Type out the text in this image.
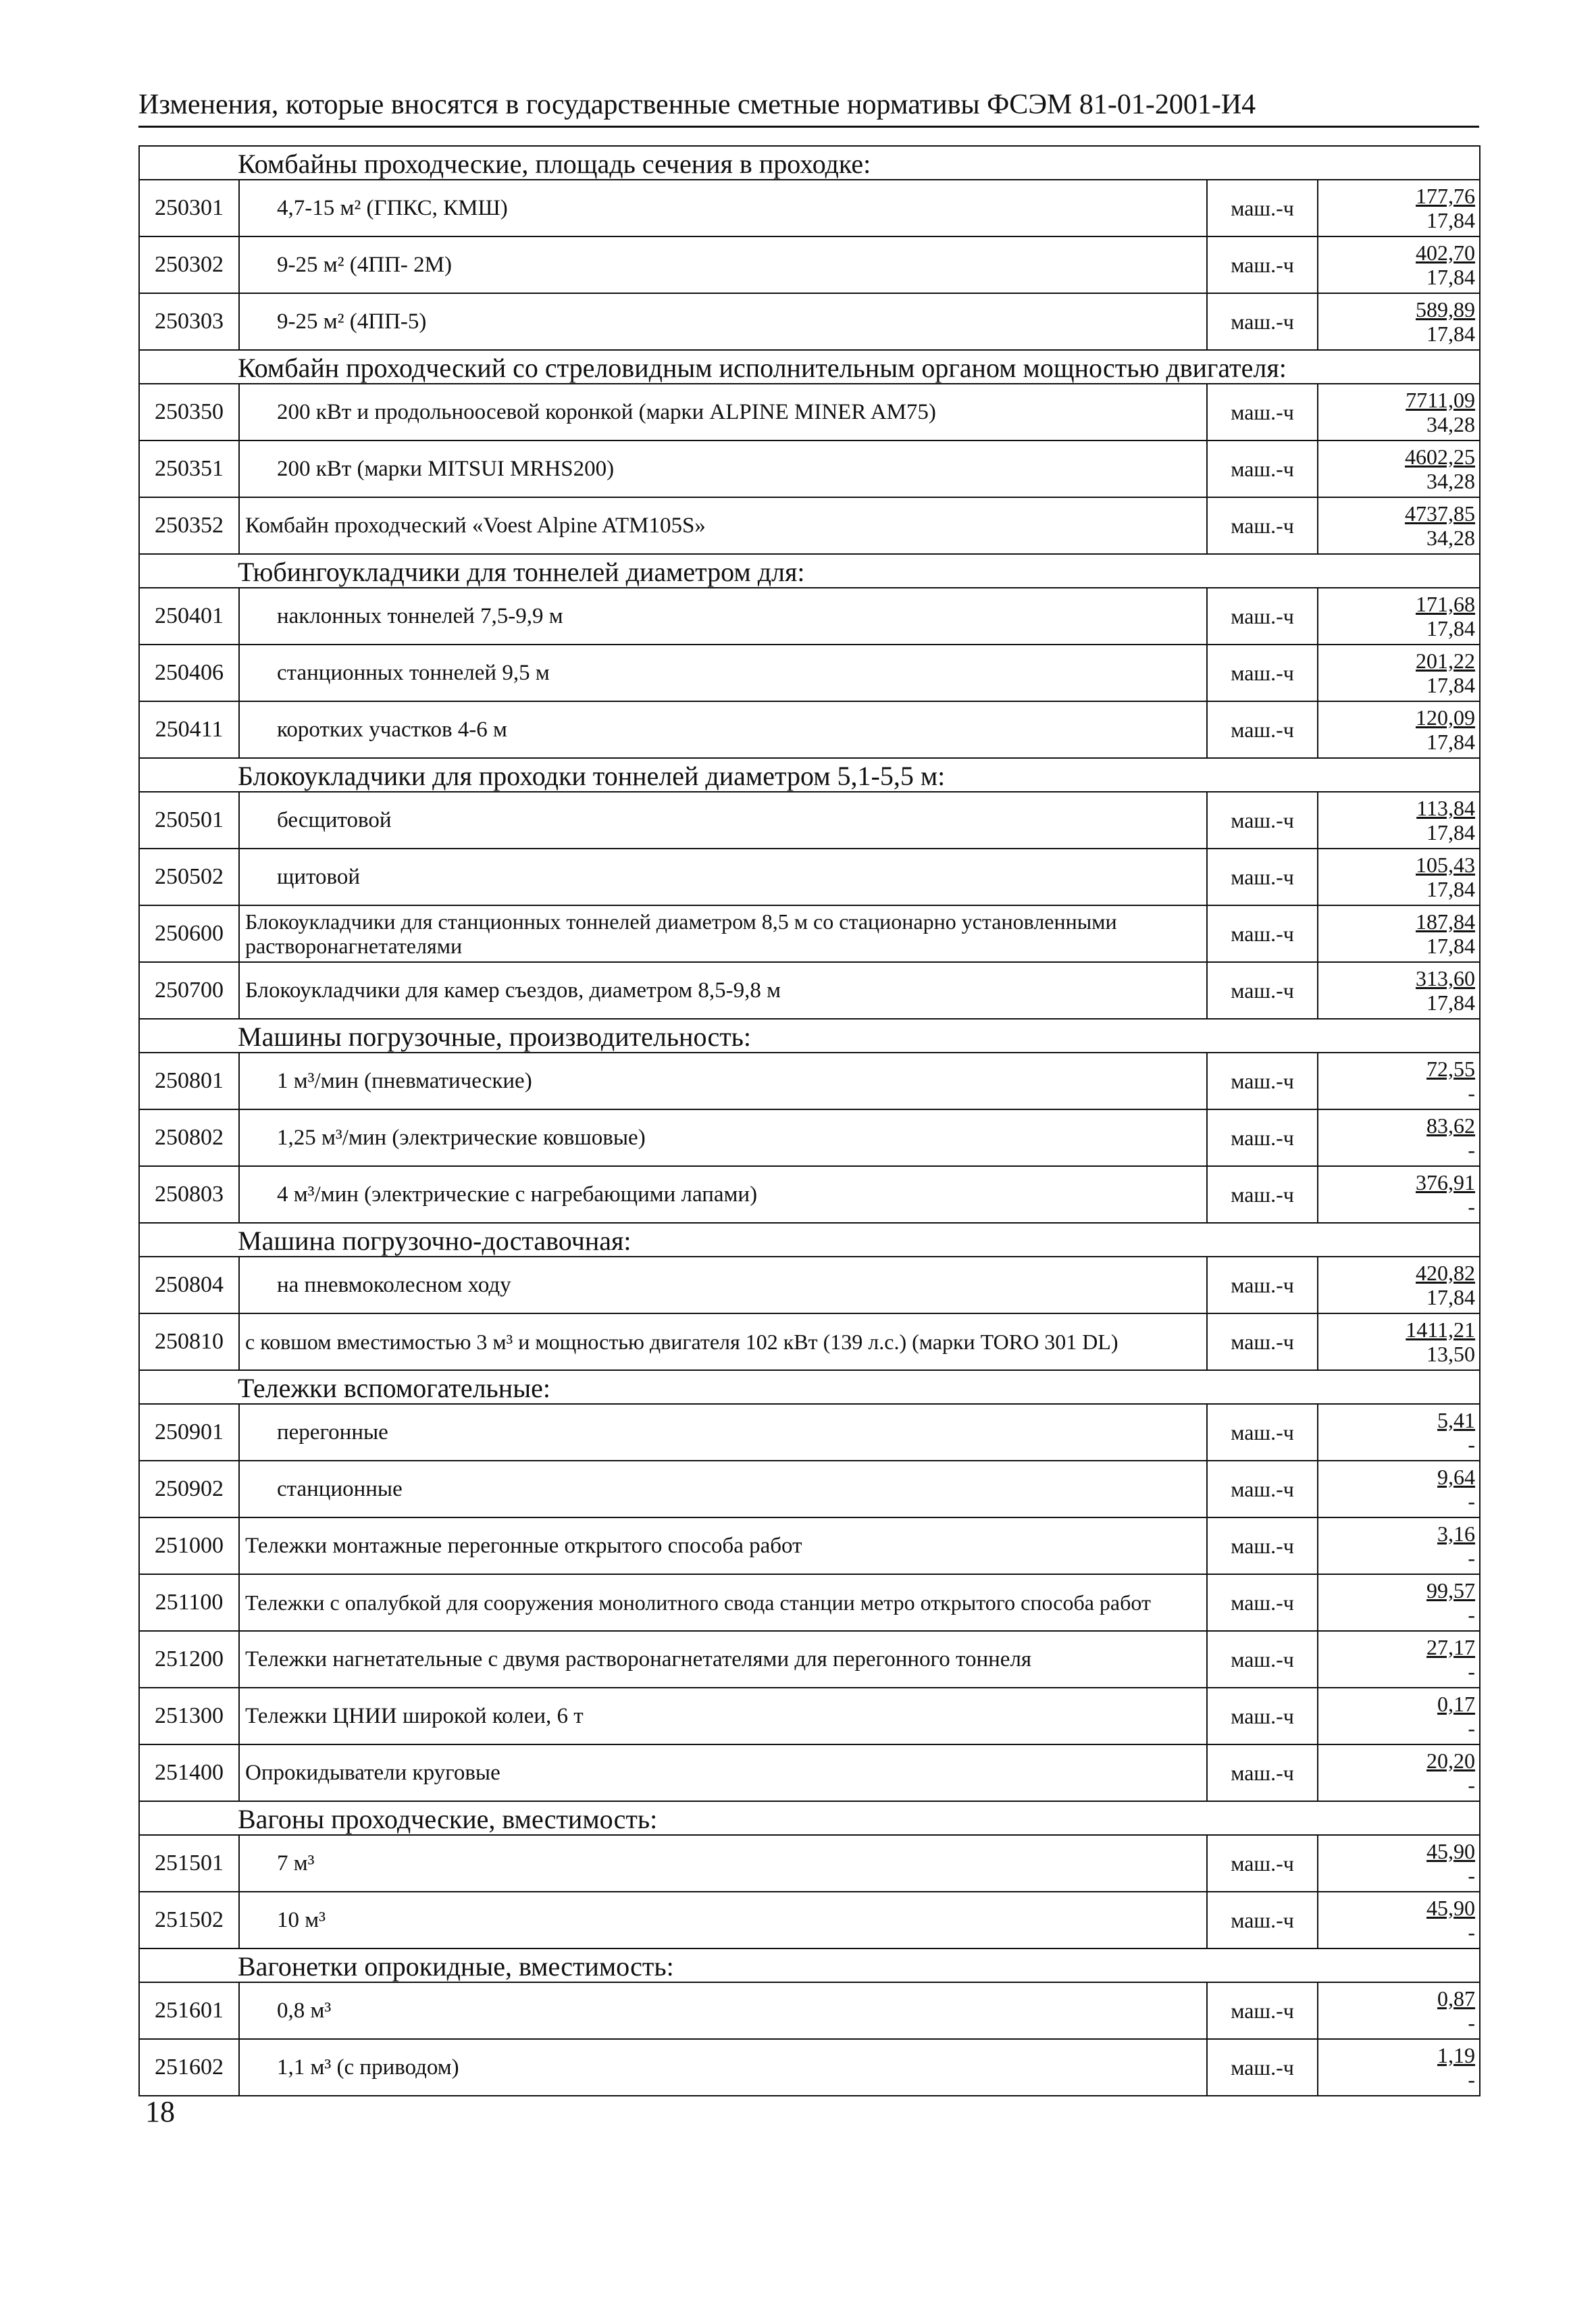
Изменения, которые вносятся в государственные сметные нормативы ФСЭМ 81-01-2001-И4
Комбайны проходческие, площадь сечения в проходке:			
250301	4,7-15 м² (ГПКС, КМШ)	маш.-ч	177,76
17,84

250302	9-25 м² (4ПП- 2М)	маш.-ч	402,70
17,84

250303	9-25 м² (4ПП-5)	маш.-ч	589,89
17,84

Комбайн проходческий со стреловидным исполнительным органом мощностью двигателя:			
250350	200 кВт и продольноосевой коронкой (марки ALPINE MINER AM75)	маш.-ч	7711,09
34,28

250351	200 кВт (марки MITSUI MRHS200)	маш.-ч	4602,25
34,28

250352	Комбайн проходческий «Voest Alpine ATM105S»	маш.-ч	4737,85
34,28

Тюбингоукладчики для тоннелей диаметром для:			
250401	наклонных тоннелей 7,5-9,9 м	маш.-ч	171,68
17,84

250406	станционных тоннелей 9,5 м	маш.-ч	201,22
17,84

250411	коротких участков 4-6 м	маш.-ч	120,09
17,84

Блокоукладчики для проходки тоннелей диаметром 5,1-5,5 м:			
250501	бесщитовой	маш.-ч	113,84
17,84

250502	щитовой	маш.-ч	105,43
17,84

250600	Блокоукладчики для станционных тоннелей диаметром 8,5 м со стационарно установленными растворонагнетателями	маш.-ч	187,84
17,84

250700	Блокоукладчики для камер съездов, диаметром 8,5-9,8 м	маш.-ч	313,60
17,84

Машины погрузочные, производительность:			
250801	1 м³/мин (пневматические)	маш.-ч	72,55
-

250802	1,25 м³/мин (электрические ковшовые)	маш.-ч	83,62
-

250803	4 м³/мин (электрические с нагребающими лапами)	маш.-ч	376,91
-

Машина погрузочно-доставочная:			
250804	на пневмоколесном ходу	маш.-ч	420,82
17,84

250810	с ковшом вместимостью 3 м³ и мощностью двигателя 102 кВт (139 л.с.) (марки TORO 301 DL)	маш.-ч	1411,21
13,50

Тележки вспомогательные:			
250901	перегонные	маш.-ч	5,41
-

250902	станционные	маш.-ч	9,64
-

251000	Тележки монтажные перегонные открытого способа работ	маш.-ч	3,16
-

251100	Тележки с опалубкой для сооружения монолитного свода станции метро открытого способа работ	маш.-ч	99,57
-

251200	Тележки нагнетательные с двумя растворонагнетателями для перегонного тоннеля	маш.-ч	27,17
-

251300	Тележки ЦНИИ широкой колеи, 6 т	маш.-ч	0,17
-

251400	Опрокидыватели круговые	маш.-ч	20,20
-

Вагоны проходческие, вместимость:			
251501	7 м³	маш.-ч	45,90
-

251502	10 м³	маш.-ч	45,90
-

Вагонетки опрокидные, вместимость:			
251601	0,8 м³	маш.-ч	0,87
-

251602	1,1 м³ (с приводом)	маш.-ч	1,19
-
18
